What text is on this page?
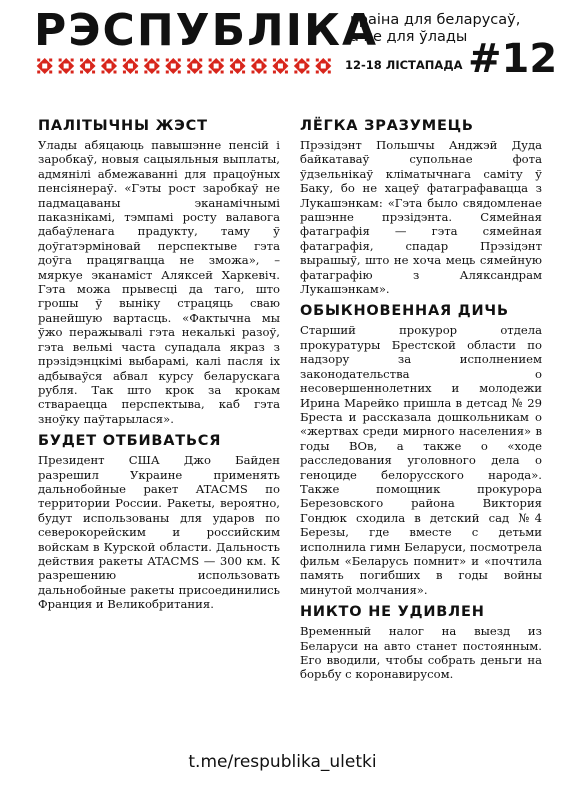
РЭСПУБЛІКА
краіна для беларусаў,
а не для ўлады
12-18 ЛІСТАПАДА #12
ПАЛІТЫЧНЫ ЖЭСТ

Улады абяцаюць павышэнне пенсій і заробкаў, новыя сацыяльныя выплаты, адмянілі абмежаванні для працоўных пенсіянераў. «Гэты рост заробкаў не падмацаваны эканамічнымі паказнікамі, тэмпамі росту валавога дабаўленага прадукту, таму ў доўгатэрміновай перспектыве гэта доўга працягвацца не зможа», – мяркуе эканаміст Аляксей Харкевіч. Гэта можа прывесці да таго, што грошы ў выніку страцяць сваю ранейшую вартасць. «Фактычна мы ўжо перажывалі гэта некалькі разоў, гэта вельмі часта супадала якраз з прэзідэнцкімі выбарамі, калі пасля іх адбываўся абвал курсу беларускага рубля. Так што крок за крокам стварaецца перспектыва, каб гэта зноўку паўтарылася».

БУДЕТ ОТБИВАТЬСЯ

Президент США Джо Байден разрешил Украине применять дальнобойные ракет ATACMS по территории России. Ракеты, вероятно, будут использованы для ударов по северокорейским и российским войскам в Курской области. Дальность действия ракеты ATACMS — 300 км. К разрешению использовать дальнобойные ракеты присоединились Франция и Великобритания.

ЛЁГКА ЗРАЗУМЕЦЬ

Прэзідэнт Польшчы Анджэй Дуда байкатаваў супольнае фота ўдзельнікаў кліматычнага саміту ў Баку, бо не хацеў фатаграфавацца з Лукашэнкам: «Гэта было свядомленае рашэнне прэзідэнта. Сямейная фатаграфія — гэта сямейная фатаграфія, спадар Прэзідэнт вырашыў, што не хоча мець сямейную фатаграфію з Аляксандрам Лукашэнкам».

ОБЫКНОВЕННАЯ ДИЧЬ

Старший прокурор отдела прокуратуры Брестской области по надзору за исполнением законодательства о несовершеннолетних и молодежи Ирина Марейко пришла в детсад № 29 Бреста и рассказала дошкольникам о «жертвах среди мирного населения» в годы ВОв, а также о «ходе расследования уголовного дела о геноциде белорусского народа». Также помощник прокурора Березовского района Виктория Гондюк сходила в детский сад №4 Березы, где вместе с детьми исполнила гимн Беларуси, посмотрела фильм «Беларусь помнит» и «почтила память погибших в годы войны минутой молчания».

НИКТО НЕ УДИВЛЕН

Временный налог на выезд из Беларуси на авто станет постоянным. Его вводили, чтобы собрать деньги на борьбу с коронавирусом.

t.me/respublika_uletki
